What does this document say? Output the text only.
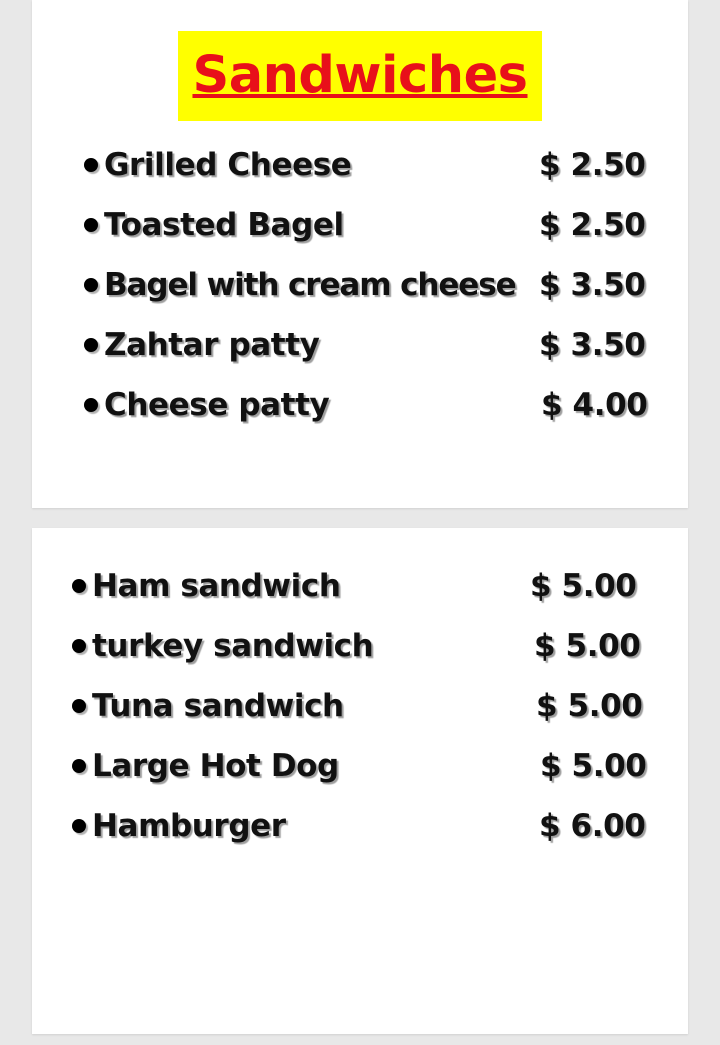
Sandwiches
Grilled Cheese	$ 2.50
Toasted Bagel	$ 2.50
Bagel with cream cheese $ 3.50
Zahtar patty	$ 3.50
Cheese patty	$ 4.00
Ham sandwich	$ 5.00
turkey sandwich	$ 5.00
Tuna sandwich	$ 5.00
Large Hot Dog	$ 5.00
Hamburger	$ 6.00
